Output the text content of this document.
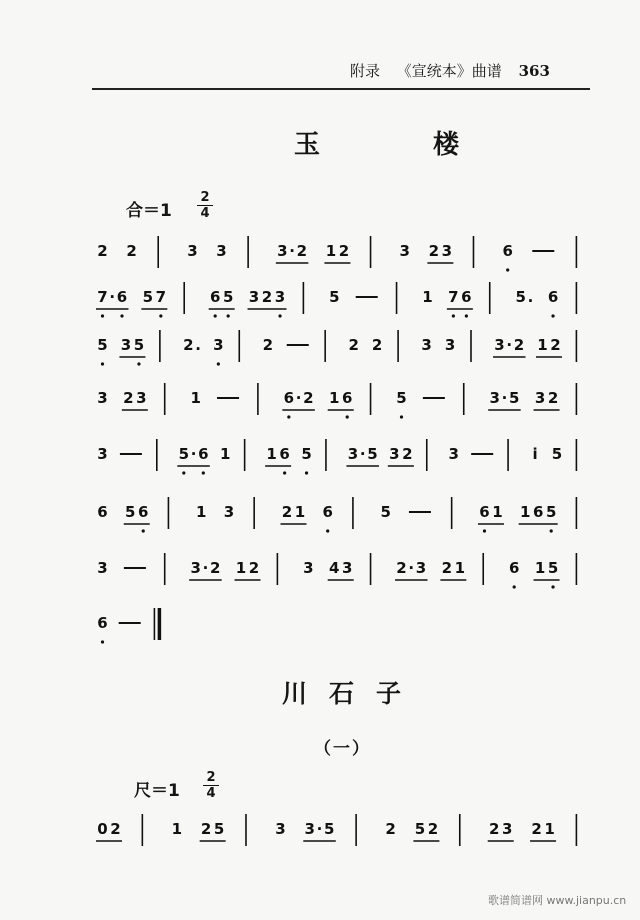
附录 《宣统本》曲谱 363
玉 楼
合$=1 \frac{2}{4}$
川石子
（一）
尺$=1 \frac{2}{4}$
2 2	3 3	3 · 2 1 2	3 2 3	6
7 · 6 5 7	6 5 3 2 3	5	1 7 6	5 . 6
5 3 5	2 . 3	2	2 2	3 3	3 · 2 1 2
3 2 3	1	6 · 2 1 6	5	3 · 5 3 2
3	5 · 6 1 1 6 5 3 · 5 3 2 3	i 5
6 5 6	1 3	2 1 6	5	6 1 1 6 5
3	3 · 2 1 2	3 4 3	2 · 3 2 1	6 1 5
6
0 2	1 2 5	3 3 · 5	2 5 2	2 3 2 1
歌谱简谱网 www.jianpu.cn
